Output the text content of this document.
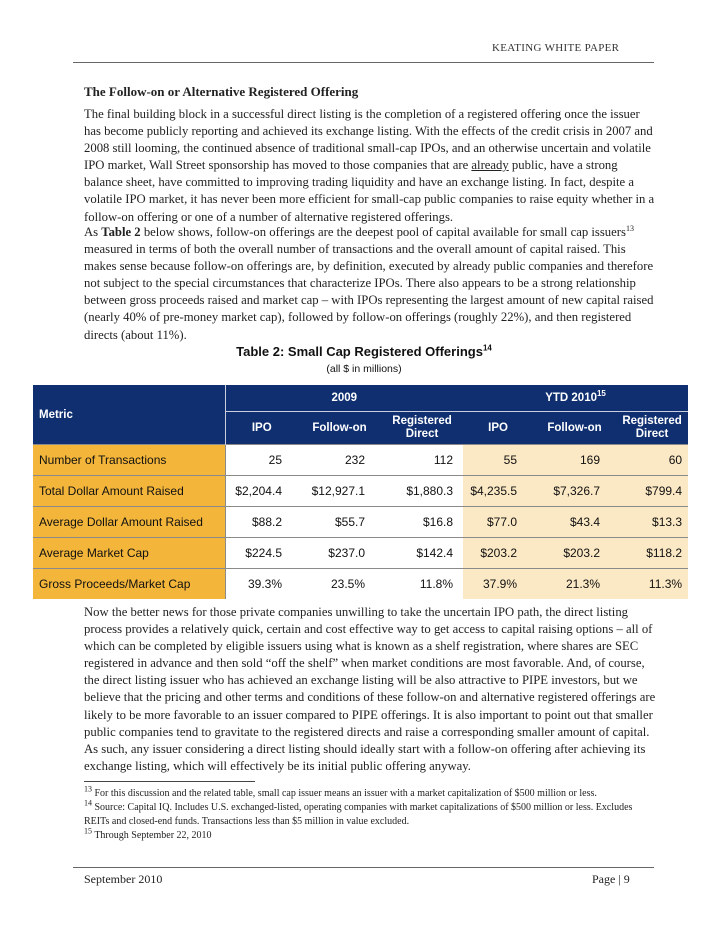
KEATING WHITE PAPER
The Follow-on or Alternative Registered Offering

The final building block in a successful direct listing is the completion of a registered offering once the issuer has become publicly reporting and achieved its exchange listing. With the effects of the credit crisis in 2007 and 2008 still looming, the continued absence of traditional small-cap IPOs, and an otherwise uncertain and volatile IPO market, Wall Street sponsorship has moved to those companies that are already public, have a strong balance sheet, have committed to improving trading liquidity and have an exchange listing. In fact, despite a volatile IPO market, it has never been more efficient for small-cap public companies to raise equity whether in a follow-on offering or one of a number of alternative registered offerings.

As Table 2 below shows, follow-on offerings are the deepest pool of capital available for small cap issuers$^{13}$ measured in terms of both the overall number of transactions and the overall amount of capital raised. This makes sense because follow-on offerings are, by definition, executed by already public companies and therefore not subject to the special circumstances that characterize IPOs. There also appears to be a strong relationship between gross proceeds raised and market cap – with IPOs representing the largest amount of new capital raised (nearly 40% of pre-money market cap), followed by follow-on offerings (roughly 22%), and then registered directs (about 11%).

Table 2: Small Cap Registered Offerings$^{14}$
(all $ in millions)
Metric	2009			YTD 2010$^{15}$
	IPO	Follow-on	Registered Direct	IPO	Follow-on	Registered Direct
Number of Transactions	25	232	112	55	169	60
Total Dollar Amount Raised	$2,204.4	$12,927.1	$1,880.3	$4,235.5	$7,326.7	$799.4
Average Dollar Amount Raised	$88.2	$55.7	$16.8	$77.0	$43.4	$13.3
Average Market Cap	$224.5	$237.0	$142.4	$203.2	$203.2	$118.2
Gross Proceeds/Market Cap	39.3%	23.5%	11.8%	37.9%	21.3%	11.3%

Now the better news for those private companies unwilling to take the uncertain IPO path, the direct listing process provides a relatively quick, certain and cost effective way to get access to capital raising options – all of which can be completed by eligible issuers using what is known as a shelf registration, where shares are SEC registered in advance and then sold “off the shelf” when market conditions are most favorable. And, of course, the direct listing issuer who has achieved an exchange listing will be also attractive to PIPE investors, but we believe that the pricing and other terms and conditions of these follow-on and alternative registered offerings are likely to be more favorable to an issuer compared to PIPE offerings. It is also important to point out that smaller public companies tend to gravitate to the registered directs and raise a corresponding smaller amount of capital. As such, any issuer considering a direct listing should ideally start with a follow-on offering after achieving its exchange listing, which will effectively be its initial public offering anyway.

$^{13}$ For this discussion and the related table, small cap issuer means an issuer with a market capitalization of $500 million or less.

$^{14}$ Source: Capital IQ. Includes U.S. exchanged-listed, operating companies with market capitalizations of $500 million or less. Excludes REITs and closed-end funds. Transactions less than $5 million in value excluded.

$^{15}$ Through September 22, 2010

September 2010	Page | 9
